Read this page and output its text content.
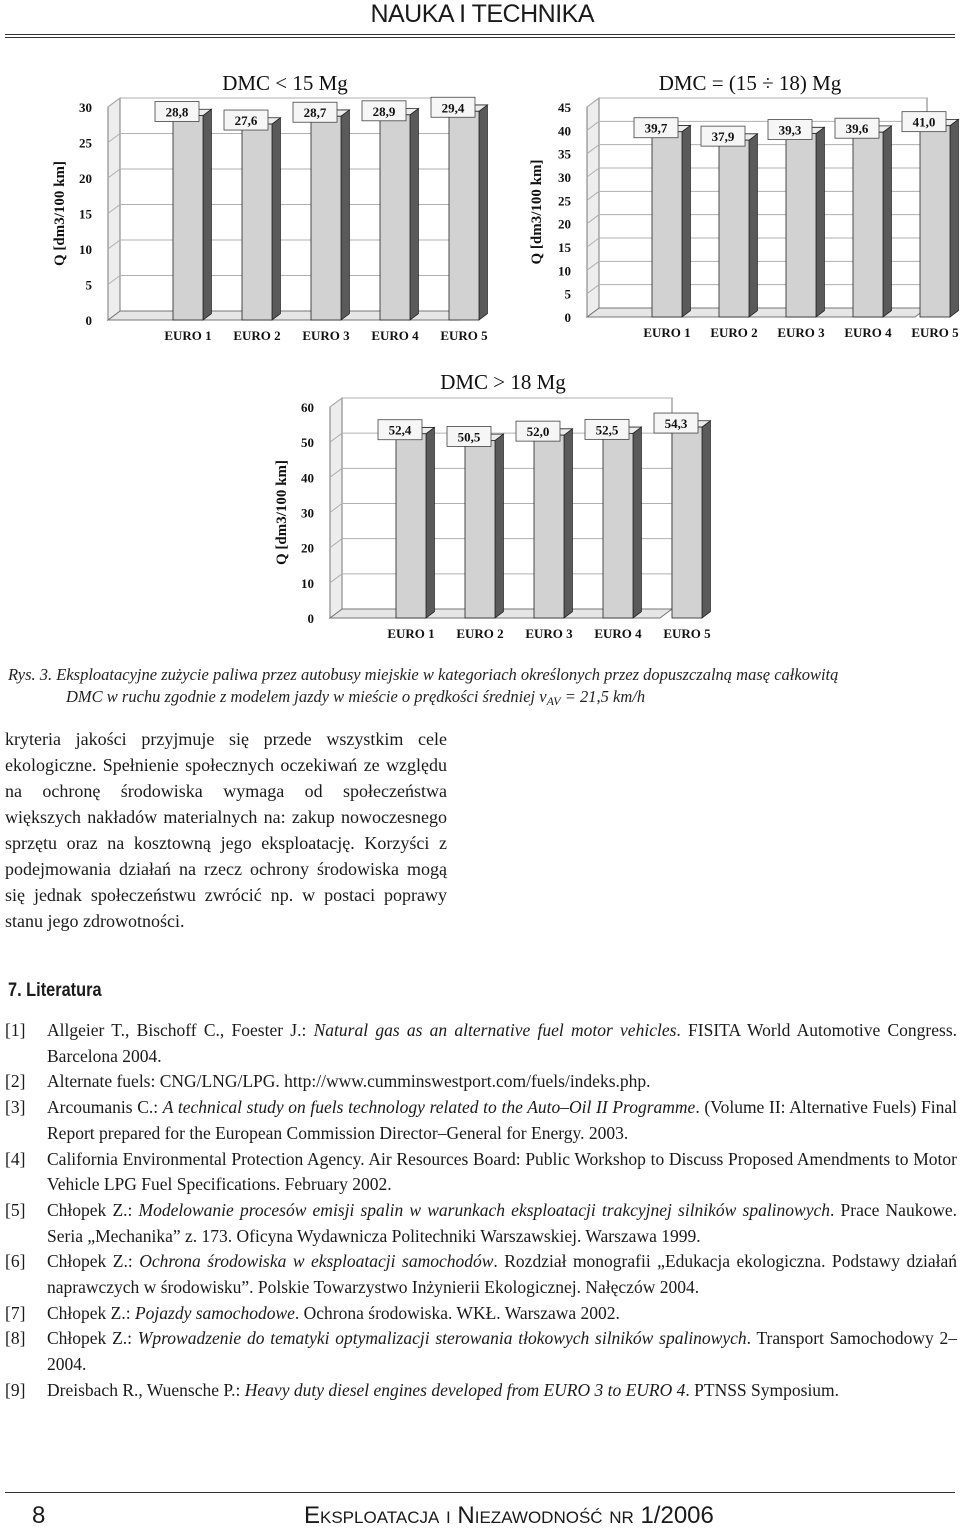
NAUKA I TECHNIKA
DMC < 15 Mg
0
5
10
15
20
25
30
Q [dm3/100 km]
28,8
EURO 1
27,6
EURO 2
28,7
EURO 3
28,9
EURO 4
29,4
EURO 5
DMC = (15 ÷ 18) Mg
0
5
10
15
20
25
30
35
40
45
Q [dm3/100 km]
39,7
EURO 1
37,9
EURO 2
39,3
EURO 3
39,6
EURO 4
41,0
EURO 5
DMC > 18 Mg
0
10
20
30
40
50
60
Q [dm3/100 km]
52,4
EURO 1
50,5
EURO 2
52,0
EURO 3
52,5
EURO 4
54,3
EURO 5
Rys. 3. Eksploatacyjne zużycie paliwa przez autobusy miejskie w kategoriach określonych przez dopuszczalną masę całkowitą
DMC w ruchu zgodnie z modelem jazdy w mieście o prędkości średniej $v_{AV} = 21,5$ km/h
kryteria jakości przyjmuje się przede wszystkim cele ekologiczne. Spełnienie społecznych oczekiwań ze względu na ochronę środowiska wymaga od społeczeństwa większych nakładów materialnych na: zakup nowoczesnego sprzętu oraz na kosztowną jego eksploatację. Korzyści z podejmowania działań na rzecz ochrony środowiska mogą się jednak społeczeństwu zwrócić np. w postaci poprawy stanu jego zdrowotności.
7. Literatura
[1]	Allgeier T., Bischoff C., Foester J.: Natural gas as an alternative fuel motor vehicles. FISITA World Automotive Congress. Barcelona 2004.
[2]	Alternate fuels: CNG/LNG/LPG. http://www.cumminswestport.com/fuels/indeks.php.
[3]	Arcoumanis C.: A technical study on fuels technology related to the Auto–Oil II Programme. (Volume II: Alternative Fuels) Final Report prepared for the European Commission Director–General for Energy. 2003.
[4]	California Environmental Protection Agency. Air Resources Board: Public Workshop to Discuss Proposed Amendments to Motor Vehicle LPG Fuel Specifications. February 2002.
[5]	Chłopek Z.: Modelowanie procesów emisji spalin w warunkach eksploatacji trakcyjnej silników spalinowych. Prace Naukowe. Seria „Mechanika” z. 173. Oficyna Wydawnicza Politechniki Warszawskiej. Warszawa 1999.
[6]	Chłopek Z.: Ochrona środowiska w eksploatacji samochodów. Rozdział monografii „Edukacja ekologiczna. Podstawy działań naprawczych w środowisku”. Polskie Towarzystwo Inżynierii Ekologicznej. Nałęczów 2004.
[7]	Chłopek Z.: Pojazdy samochodowe. Ochrona środowiska. WKŁ. Warszawa 2002.
[8]	Chłopek Z.: Wprowadzenie do tematyki optymalizacji sterowania tłokowych silników spalinowych. Transport Samochodowy 2–2004.
[9]	Dreisbach R., Wuensche P.: Heavy duty diesel engines developed from EURO 3 to EURO 4. PTNSS Symposium.
8	Eksploatacja i Niezawodność nr 1/2006
